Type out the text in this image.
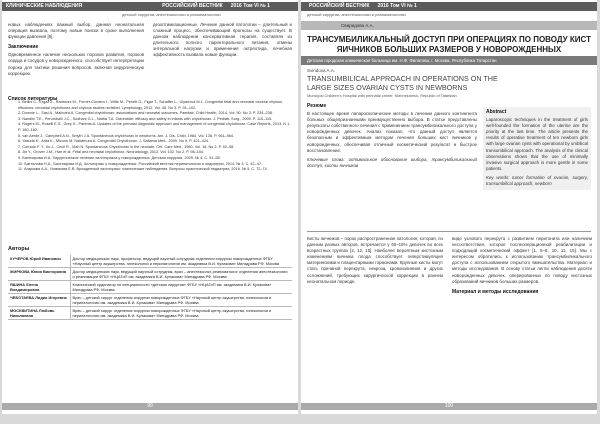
КЛИНИЧЕСКИЕ НАБЛЮДЕНИЯ	РОССИЙСКИЙ ВЕСТНИК 2016 Том VI № 1
детской хирургии, анестезиологии и реаниматологии

новых наблюдениях важный выбор, данная неонатальная операция вызвала, поэтому новые поиски в сроке выполнения функции давления [8].

Заключение

Одновременное наличие нескольких пороков развития, пороков сердца и сосудов у новорожденного, способствует интерпретации порока для тактики решения вопросов, включая хирургическую коррекцию.

дезоптимизационные. Лечение данной патологии – длительный и сложный процесс, обеспечивающий прогнозы на существует. В данном наблюдении консервативная терапия, составляя из длительного полного парентерального питания, отмены энтеральной нагрузки и применения октреотида, лечебная эффективность вызвала новые функции.

Список литературы
1. Bellini C., Ergaz Z., Radicioni M., Forner-Cordero I., Witte M., Perotti G., Figar T., Schaffer L., Ulyanova M.L. Congenital fetal and neonatal visceral chylous effusions: neonatal chylothorax and chylous ascites revisited. Lymphology, 2012. Vol. 45. No 3. P. 91–102.
2. Downie L., Sasi A., Malhotra A. Congenital chylothorax: associations and neonatal outcomes. Paediatr. Child Health, 2014. Vol. 50. No 3. P. 234–238.
3. Nandini T.E., Perumbalil J.C., Sodhani G.L., Natha T.A. Octreotide: efficacy and safety in infants with chylothorax. J. Pediatr. Surg., 2009. P. 110–115.
4. Rogers M., Roselli E.S., Grey K., Parents A. Updates of the prenatal diagnostic approach and management of congenital chylothorax. Case Reports, 2013. N 1. P. 160–182.
5. van Aerde J., Campbell A.N., Smyth J.A. Spontaneous chylothorax in newborns. Am. J. Dis. Child, 1984. Vol. 138. P. 961–964.
6. Yasuda K., Arita K., Mizuno M. Nakamura A. Congenital Chylothorax. J. Saitama Med., 2009. No 9. P. 421–424.
7. Corrado F. Y., Ito J., Cecil R., Vlah N. Spontaneous Chylothorax in the neonate. Crit. Care Med., 1980. Vol. 18. No 2. P. 52–58.
8. Jin Y., Grover J.M., Han et al. Fetal and neonatal chylothorax. Neonatology, 2012. Vol. 102. No 2. P. 98–104.
9. Бахтиарова И.А. Хирургическое лечение хилоторакса у новорожденных. Детская хирургия, 2009. № 4. С. 51–55.
10. Батталова Н.А., Бахтиарова И.Д. Хилоторакс у новорожденных. Российский вестник перинатологии и педиатрии, 2014. № 3. С. 42–47.
11. Агаркова А.А., Новикова Е.В. Врожденный хилоторакс: клинические наблюдения. Вопросы практической педиатрии, 2016. № 5. С. 72–74.
Авторы
КУЧЕРОВ Юрий Иванович	Доктор медицинских наук, профессор, ведущий научный сотрудник отделения хирургии новорожденных ФГБУ «Научный центр акушерства, гинекологии и перинатологии им. академика В.И. Кулакова» Минздрава РФ. Москва
ЖИРКОВА Юлия Викторовна	Доктор медицинских наук, ведущий научный сотрудник, врач – анестезиолог-реаниматолог отделения анестезиологии и реанимации ФГБУ «НЦАГиП им. академика В.И. Кулакова» Минздрава РФ. Москва
ЯШИНА Елена Владимировна	Клинический ординатор по специальности «детская хирургия» ФГБУ «НЦАГиП им. академика В.И. Кулакова» Минздрава РФ. Москва
ЧЕБОТАЕВА Лидия Игоревна	Врач – детский хирург отделения хирургии новорожденных ФГБУ «Научный центр акушерства, гинекологии и перинатологии им. академика В.И. Кулакова» Минздрава РФ. Москва
МОСКВИТИНА Любовь Николаевна	Врач – детский хирург отделения хирургии новорожденных ФГБУ «Научный центр акушерства, гинекологии и перинатологии им. академика В.И. Кулакова» Минздрава РФ. Москва
99
РОССИЙСКИЙ ВЕСТНИК 2016 Том VI № 1
детской хирургии, анестезиологии и реаниматологии
Свиридова А.А.
ТРАНСУМБИЛИКАЛЬНЫЙ ДОСТУП ПРИ ОПЕРАЦИЯХ ПО ПОВОДУ КИСТ ЯИЧНИКОВ БОЛЬШИХ РАЗМЕРОВ У НОВОРОЖДЕННЫХ
Детская городская клиническая больница им. Н.Ф. Филатова, г. Москва, Республика Татарстан
Sviridova A.A.
TRANSUMBILICAL APPROACH IN OPERATIONS ON THE LARGE SIZES OVARIAN CYSTS IN NEWBORNS
Municipal Children's Hospital with perinatal center, Nizhnekamsk, Republic of Tatarstan
Резюме

В настоящее время лапароскопические методы в лечении данного контингента больных общепризнанными преимущественно выбора. В статье представлены результаты собственного лечения с применением трансумбиликального доступа у новорожденных девочек. Анализ показал, что данный доступ является безопасным и эффективным методом лечения больших кист яичников у новорожденных, обеспечивая отличный косметический результат и быстрое восстановление.

Ключевые слова: оптимальное обоснование выбора, трансумбиликальный доступ, кисты яичников

Abstract

Laparoscopic techniques in the treatment of girls well-founded the formation of the uterine are the priority at the last time. The article presents the results of operative treatment of ten newborn girls with large ovarian cysts with operational by umbilical transumbilical approach. The analysis of the clinical observations shows that the use of minimally invasive surgical approach is more gentle in some patients.

Key words: tumor formation of ovarian, surgery, transumbilical approach, newborn

Кисты яичников – порок распространенная патология, которая, по данным разных авторов, встречается у 60–15% девочек во всех возрастных группах [2, 12, 15]. Наиболее вероятным кистозным изменениям яичника плода способствует гиперстимуляция материнскими и плацентарными гормонами. Крупные кисты могут стать причиной перекрута, некроза, кровоизлияния и других осложнений, требующих хирургической коррекции в раннем неонатальном периоде.

виде узлового перекрута с развитием перитонита или наличием несоответствия, которое послеоперационной реабилитации и подходящий косметический эффект [1, 6–8, 10, 11, 15]. Мы с интересом обратились к использованию трансумбиликального доступа с использованием открытого вмешательства. Материал и методы исследования. В основу статьи легли наблюдения десяти новорожденных девочек, оперированных по поводу кистозных образований яичников больших размеров.

Материал и методы исследования
100
